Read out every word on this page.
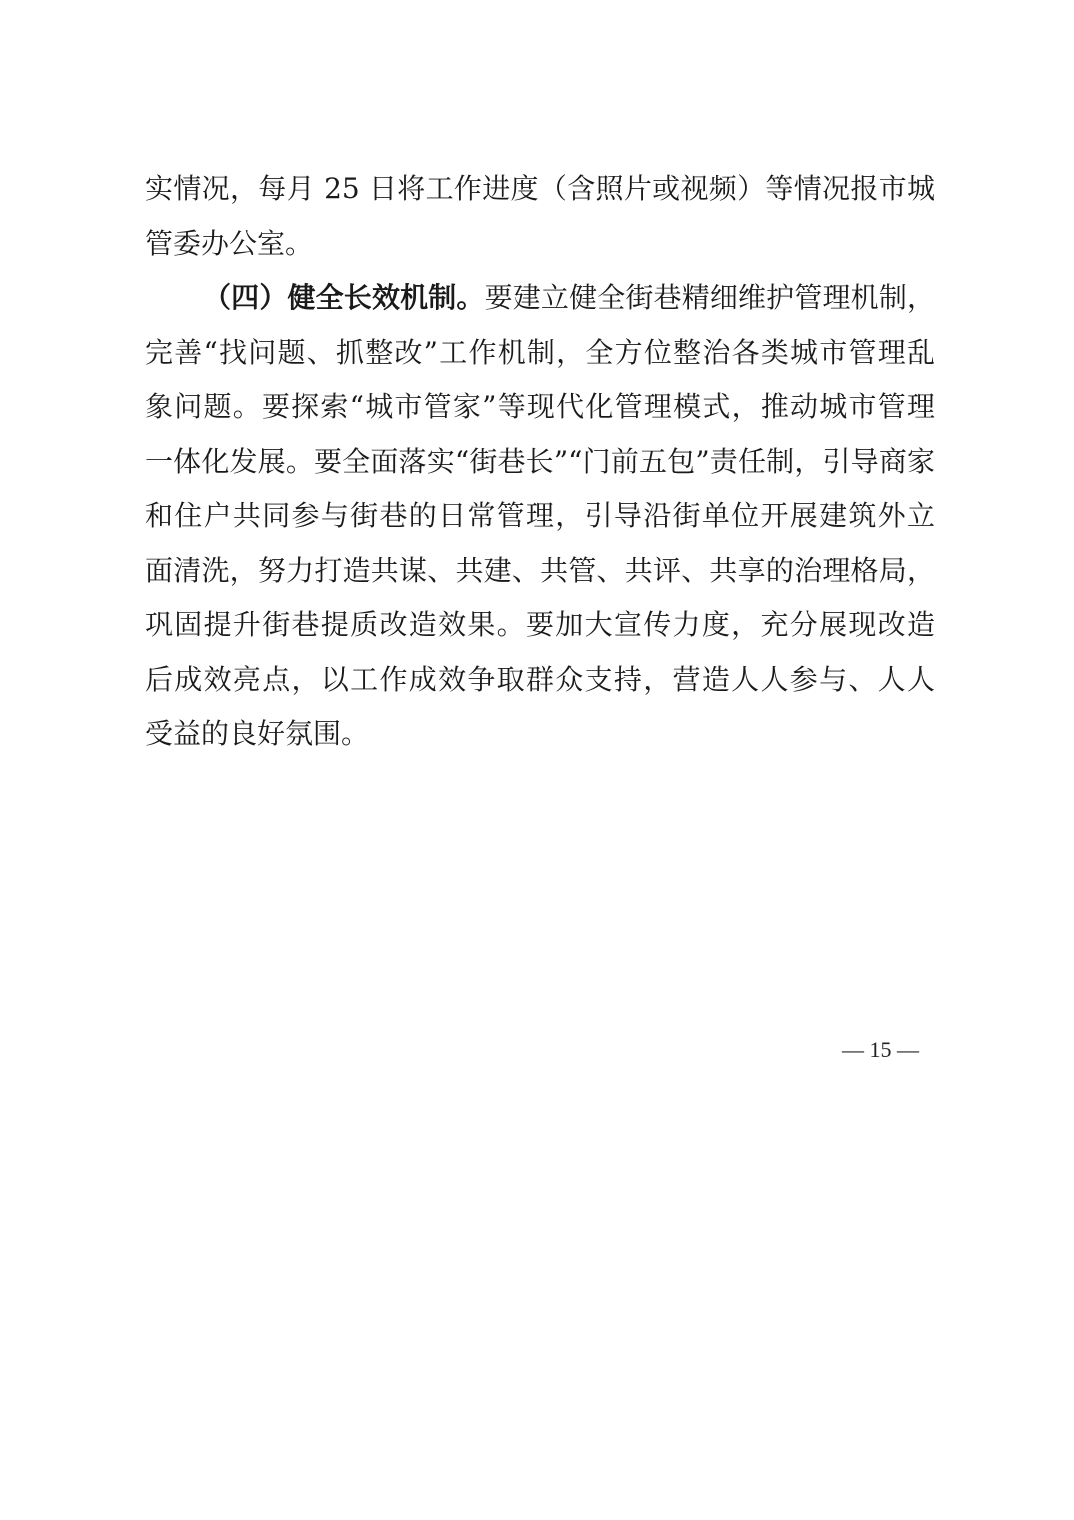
实情况，每月 25 日将工作进度（含照片或视频）等情况报市城
管委办公室。
（四）健全长效机制。要建立健全街巷精细维护管理机制，
完善“找问题、抓整改”工作机制，全方位整治各类城市管理乱
象问题。要探索“城市管家”等现代化管理模式，推动城市管理
一体化发展。要全面落实“街巷长”“门前五包”责任制，引导商家
和住户共同参与街巷的日常管理，引导沿街单位开展建筑外立
面清洗，努力打造共谋、共建、共管、共评、共享的治理格局，
巩固提升街巷提质改造效果。要加大宣传力度，充分展现改造
后成效亮点，以工作成效争取群众支持，营造人人参与、人人
受益的良好氛围。
— 15 —
